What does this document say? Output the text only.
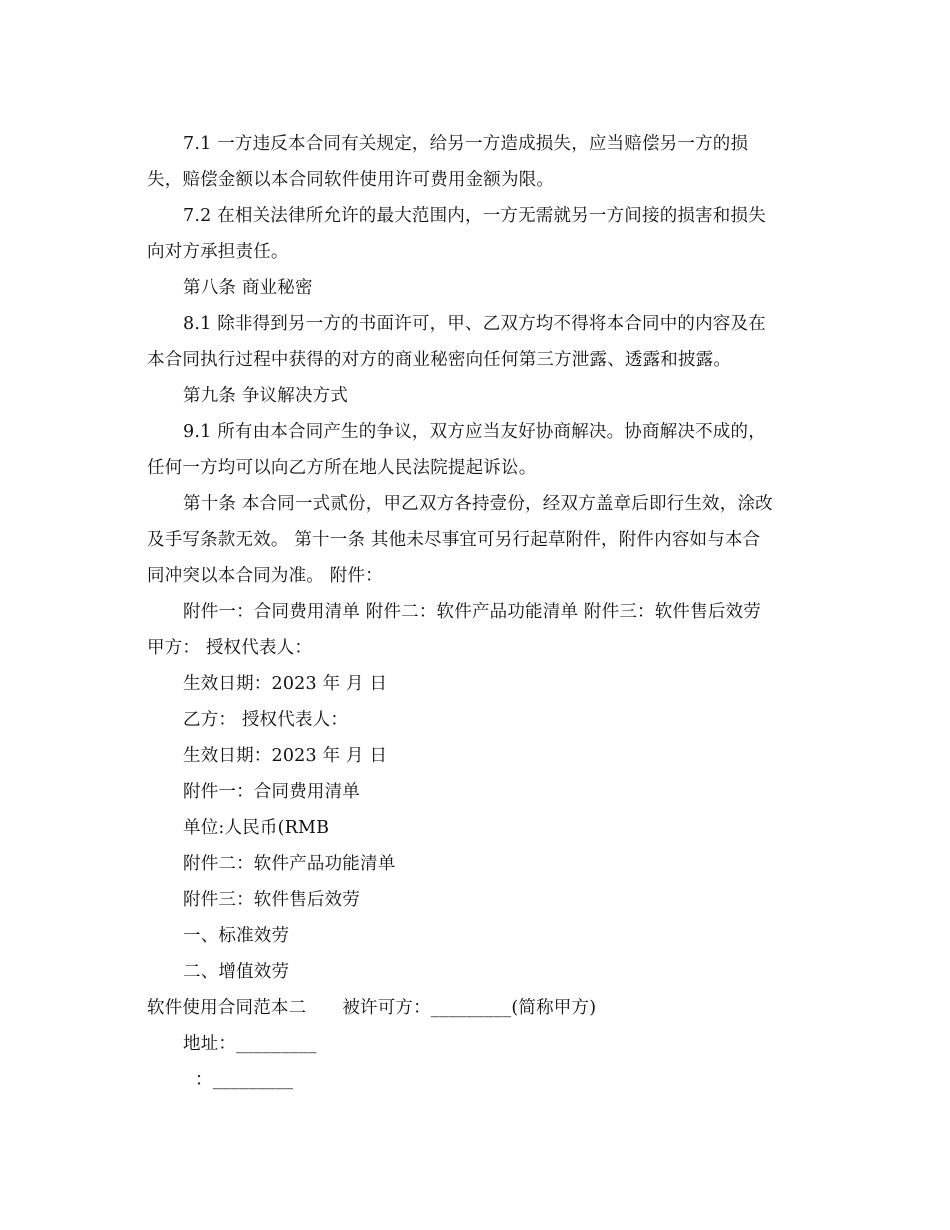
7.1 一方违反本合同有关规定，给另一方造成损失，应当赔偿另一方的损
失，赔偿金额以本合同软件使用许可费用金额为限。
7.2 在相关法律所允许的最大范围内，一方无需就另一方间接的损害和损失
向对方承担责任。
第八条 商业秘密
8.1 除非得到另一方的书面许可，甲、乙双方均不得将本合同中的内容及在
本合同执行过程中获得的对方的商业秘密向任何第三方泄露、透露和披露。
第九条 争议解决方式
9.1 所有由本合同产生的争议，双方应当友好协商解决。协商解决不成的，
任何一方均可以向乙方所在地人民法院提起诉讼。
第十条 本合同一式贰份，甲乙双方各持壹份，经双方盖章后即行生效，涂改
及手写条款无效。 第十一条 其他未尽事宜可另行起草附件，附件内容如与本合
同冲突以本合同为准。 附件：
附件一：合同费用清单 附件二：软件产品功能清单 附件三：软件售后效劳
甲方： 授权代表人：
生效日期：2023 年 月 日
乙方： 授权代表人：
生效日期：2023 年 月 日
附件一：合同费用清单
单位:人民币(RMB
附件二：软件产品功能清单
附件三：软件售后效劳
一、标准效劳
二、增值效劳
软件使用合同范本二 被许可方：_________(简称甲方)
地址：_________
：_________
